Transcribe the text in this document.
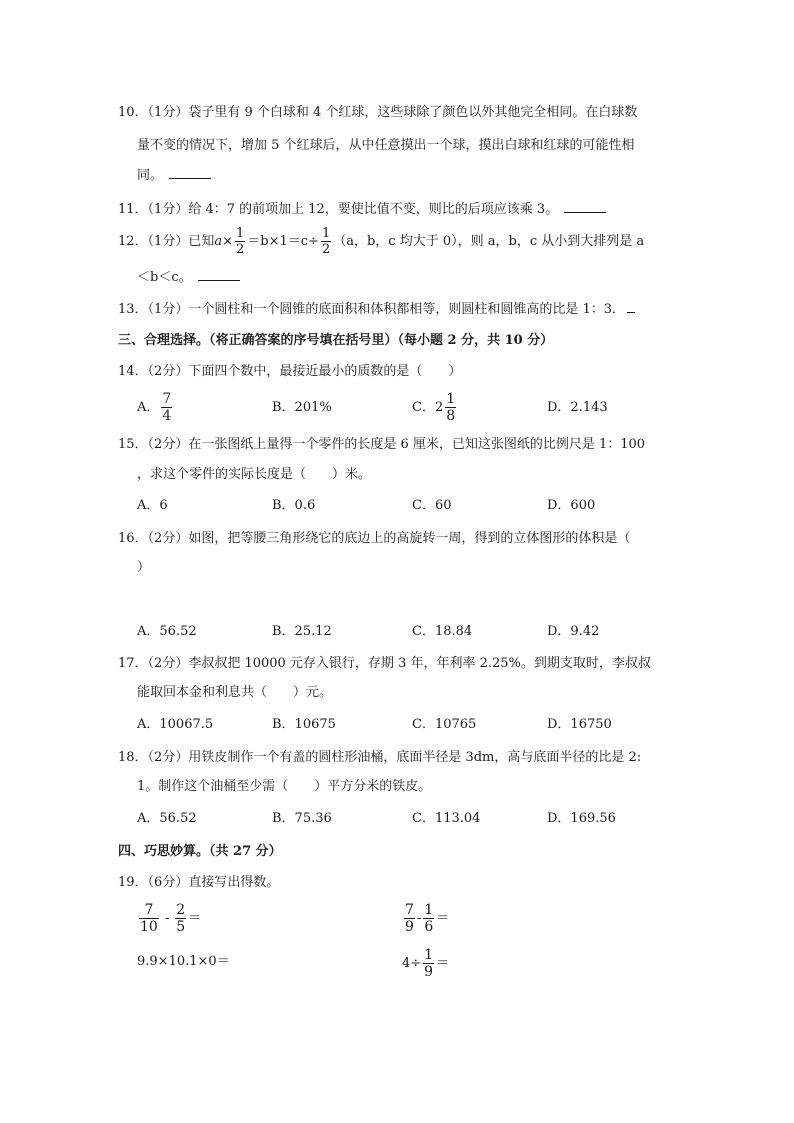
10．（1分）袋子里有 9 个白球和 4 个红球，这些球除了颜色以外其他完全相同。在白球数
量不变的情况下，增加 5 个红球后，从中任意摸出一个球，摸出白球和红球的可能性相
同。
11．（1分）给 4：7 的前项加上 12，要使比值不变，则比的后项应该乘 3。
12．（1分）已知$a\times \frac{1}{2} =b\times 1=c\div \frac{1}{2} (a$，b，c 均大于 0），则 a，b，c 从小到大排列是 a
＜b＜c。
13．（1分）一个圆柱和一个圆锥的底面积和体积都相等，则圆柱和圆锥高的比是 1：3．
三、合理选择。（将正确答案的序号填在括号里）（每小题 2 分，共 10 分）
14．（2分）下面四个数中，最接近最小的质数的是（　　）
A． $\frac{7}{4}$	B．201%	C．$2 \frac{1}{8}$	D．2.143
15．（2分）在一张图纸上量得一个零件的长度是 6 厘米，已知这张图纸的比例尺是 1：100
，求这个零件的实际长度是（　　）米。
A．6	B．0.6	C．60	D．600
16．（2分）如图，把等腰三角形绕它的底边上的高旋转一周，得到的立体图形的体积是（
）
A．56.52	B．25.12	C．18.84	D．9.42
17．（2分）李叔叔把 10000 元存入银行，存期 3 年，年利率 2.25%。到期支取时，李叔叔
能取回本金和利息共（　　）元。
A．10067.5	B．10675	C．10765	D．16750
18．（2分）用铁皮制作一个有盖的圆柱形油桶，底面半径是 3dm，高与底面半径的比是 2:
1。制作这个油桶至少需（　　）平方分米的铁皮。
A．56.52	B．75.36	C．113.04	D．169.56
四、巧思妙算。（共 27 分）
19．（6分）直接写出得数。
$\frac{7}{10} - \frac{2}{5}$ ＝	$\frac{7}{9} - \frac{1}{6}$ ＝
9.9×10.1×0＝	$4\div \frac{1}{9}$ ＝
